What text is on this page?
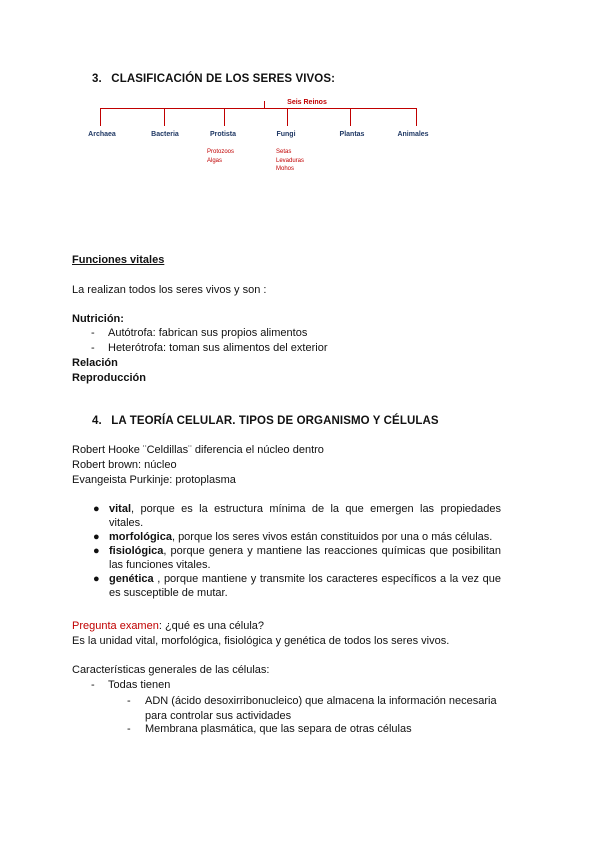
3. CLASIFICACIÓN DE LOS SERES VIVOS:
Seis Reinos
Archaea	Bacteria	Protista	Fungi	Plantas	Animales
Protozoos
Algas
Setas
Levaduras
Mohos
Funciones vitales
La realizan todos los seres vivos y son :
Nutrición:
- Autótrofa: fabrican sus propios alimentos
- Heterótrofa: toman sus alimentos del exterior
Relación
Reproducción
4. LA TEORÍA CELULAR. TIPOS DE ORGANISMO Y CÉLULAS
Robert Hooke ¨Celdillas¨ diferencia el núcleo dentro
Robert brown: núcleo
Evangeista Purkinje: protoplasma
● vital, porque es la estructura mínima de la que emergen las propiedades vitales.
● morfológica, porque los seres vivos están constituidos por una o más células.
● fisiológica, porque genera y mantiene las reacciones químicas que posibilitan las funciones vitales.
● genética , porque mantiene y transmite los caracteres específicos a la vez que es susceptible de mutar.
Pregunta examen: ¿qué es una célula?
Es la unidad vital, morfológica, fisiológica y genética de todos los seres vivos.
Características generales de las células:
- Todas tienen
- ADN (ácido desoxirribonucleico) que almacena la información necesaria para controlar sus actividades
- Membrana plasmática, que las separa de otras células
